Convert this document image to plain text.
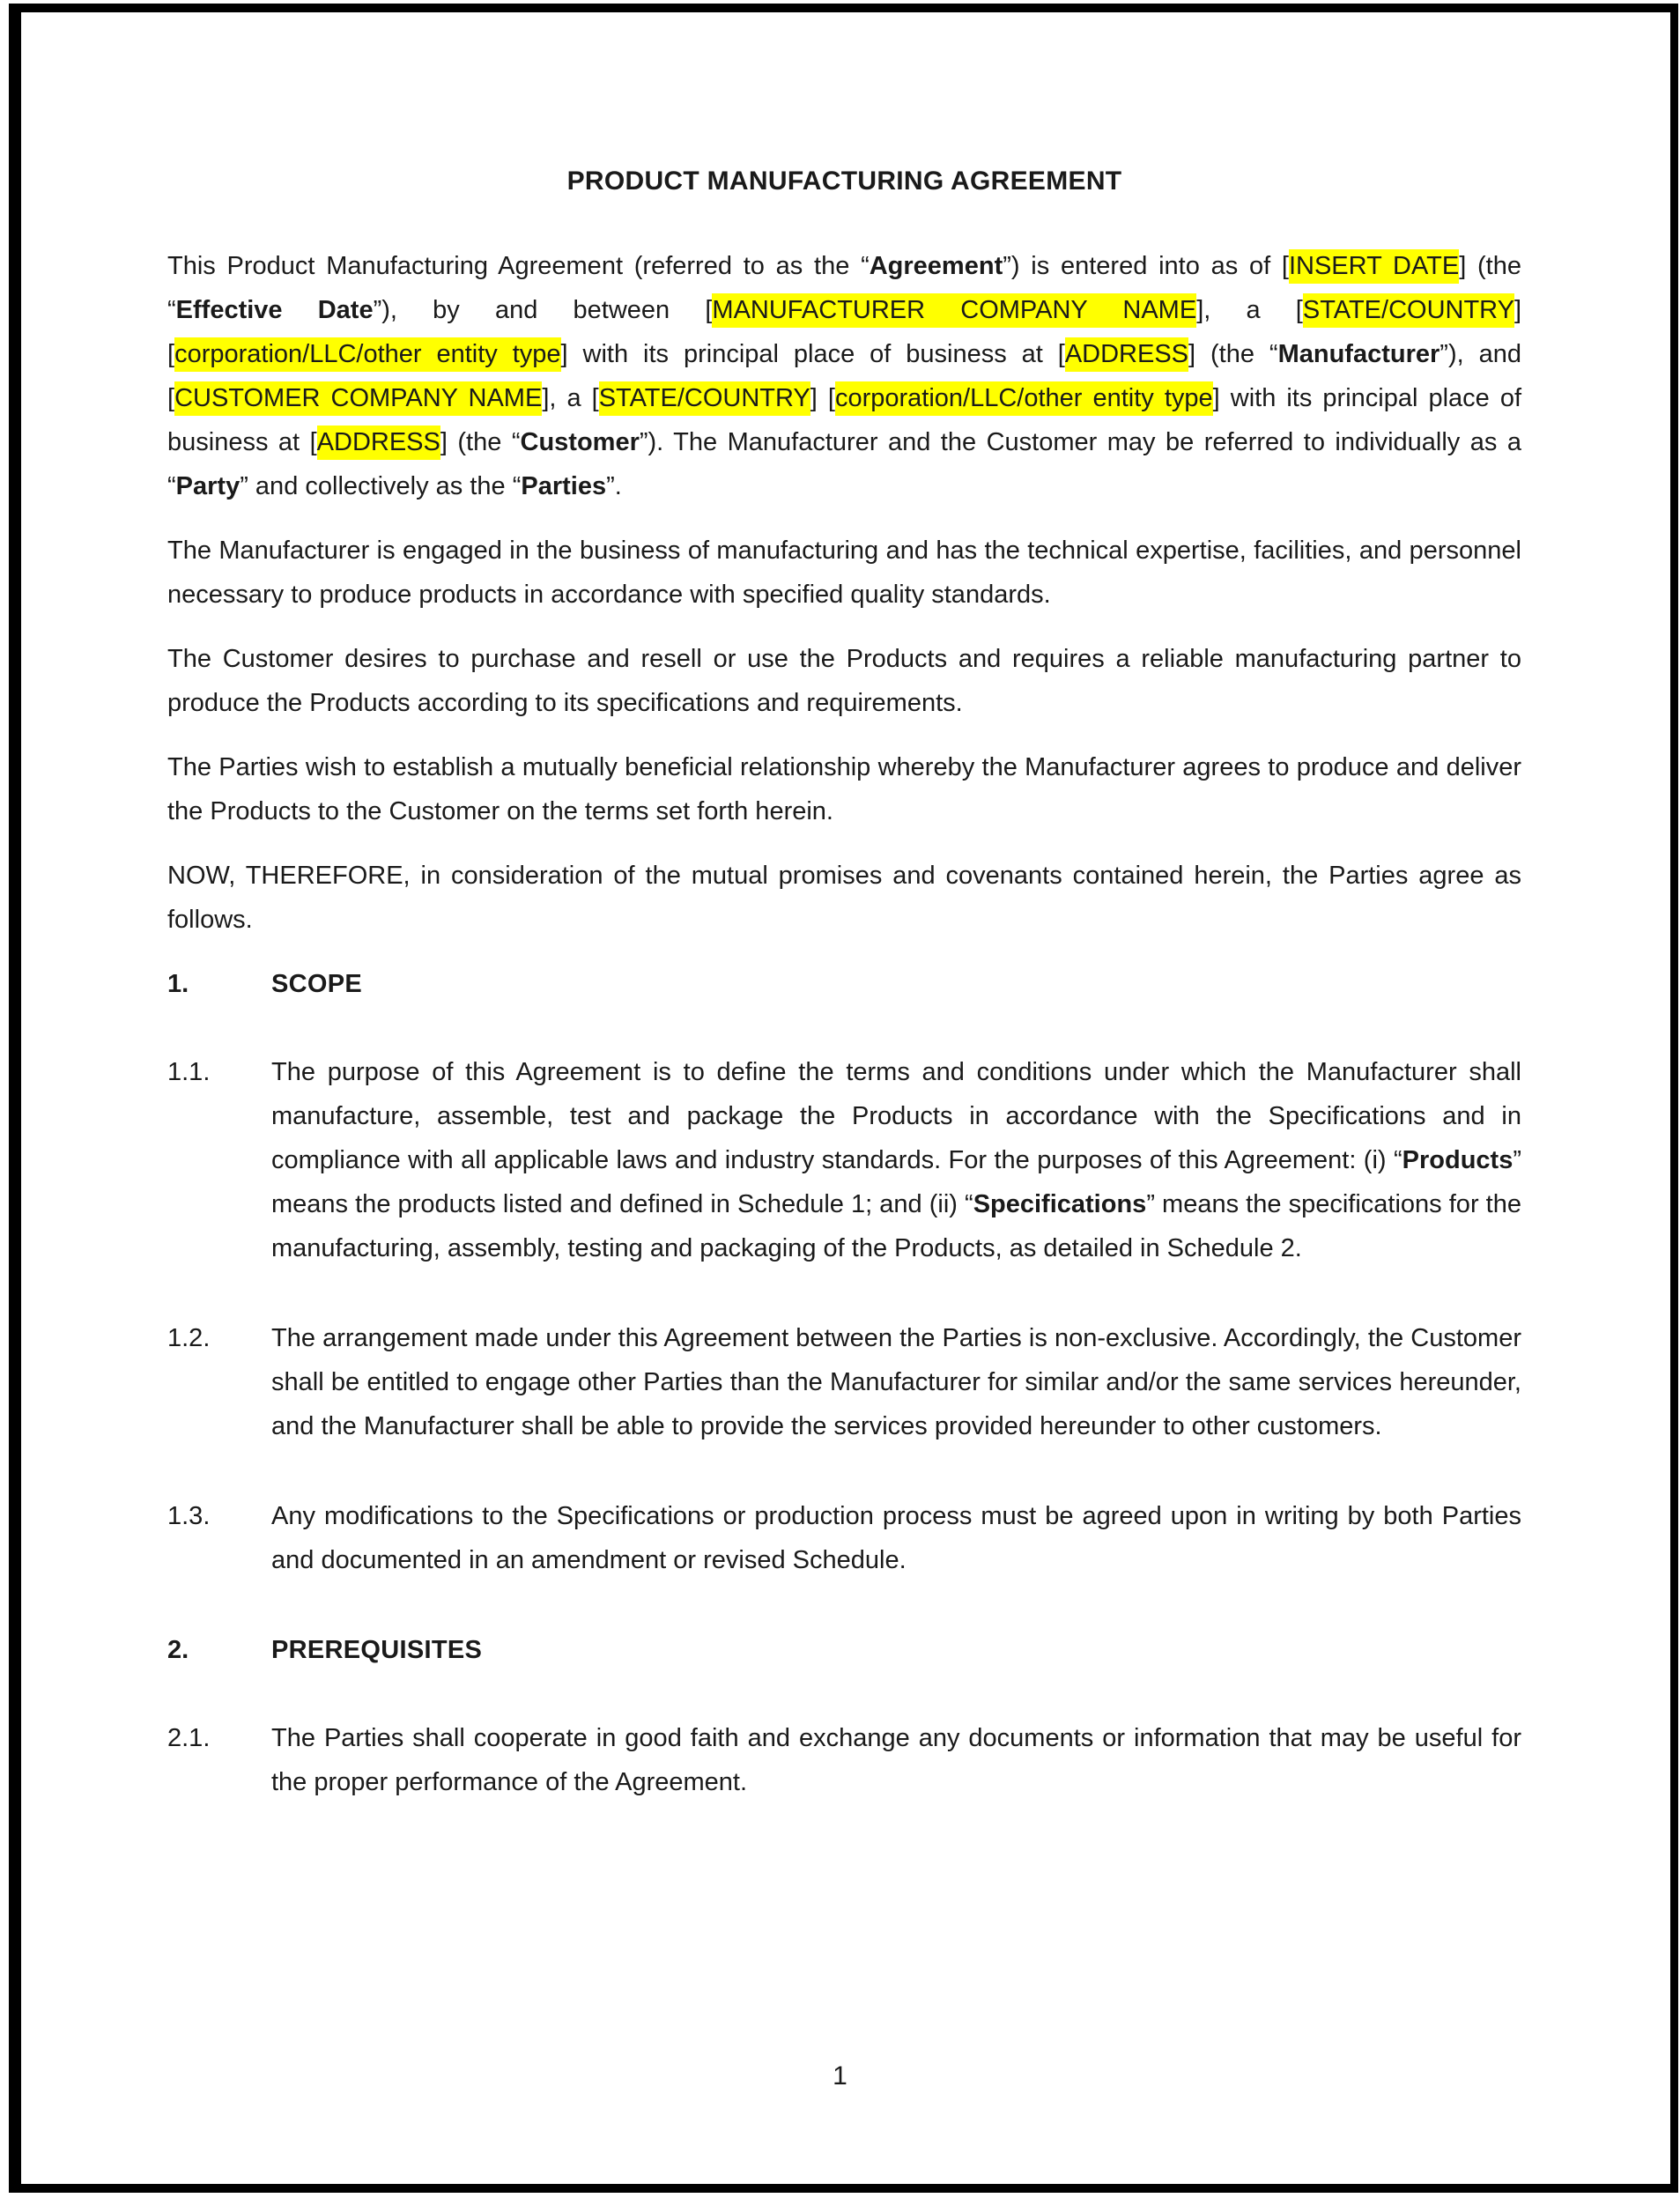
PRODUCT MANUFACTURING AGREEMENT

This Product Manufacturing Agreement (referred to as the “Agreement”) is entered into as of [INSERT DATE] (the “Effective Date”), by and between [MANUFACTURER COMPANY NAME], a [STATE/COUNTRY] [corporation/LLC/other entity type] with its principal place of business at [ADDRESS] (the “Manufacturer”), and [CUSTOMER COMPANY NAME], a [STATE/COUNTRY] [corporation/LLC/other entity type] with its principal place of business at [ADDRESS] (the “Customer”). The Manufacturer and the Customer may be referred to individually as a “Party” and collectively as the “Parties”.

The Manufacturer is engaged in the business of manufacturing and has the technical expertise, facilities, and personnel necessary to produce products in accordance with specified quality standards.

The Customer desires to purchase and resell or use the Products and requires a reliable manufacturing partner to produce the Products according to its specifications and requirements.

The Parties wish to establish a mutually beneficial relationship whereby the Manufacturer agrees to produce and deliver the Products to the Customer on the terms set forth herein.

NOW, THEREFORE, in consideration of the mutual promises and covenants contained herein, the Parties agree as follows.

1.	SCOPE
1.1.	The purpose of this Agreement is to define the terms and conditions under which the Manufacturer shall manufacture, assemble, test and package the Products in accordance with the Specifications and in compliance with all applicable laws and industry standards. For the purposes of this Agreement: (i) “Products” means the products listed and defined in Schedule 1; and (ii) “Specifications” means the specifications for the manufacturing, assembly, testing and packaging of the Products, as detailed in Schedule 2.
1.2.	The arrangement made under this Agreement between the Parties is non-exclusive. Accordingly, the Customer shall be entitled to engage other Parties than the Manufacturer for similar and/or the same services hereunder, and the Manufacturer shall be able to provide the services provided hereunder to other customers.
1.3.	Any modifications to the Specifications or production process must be agreed upon in writing by both Parties and documented in an amendment or revised Schedule.
2.	PREREQUISITES
2.1.	The Parties shall cooperate in good faith and exchange any documents or information that may be useful for the proper performance of the Agreement.
1
